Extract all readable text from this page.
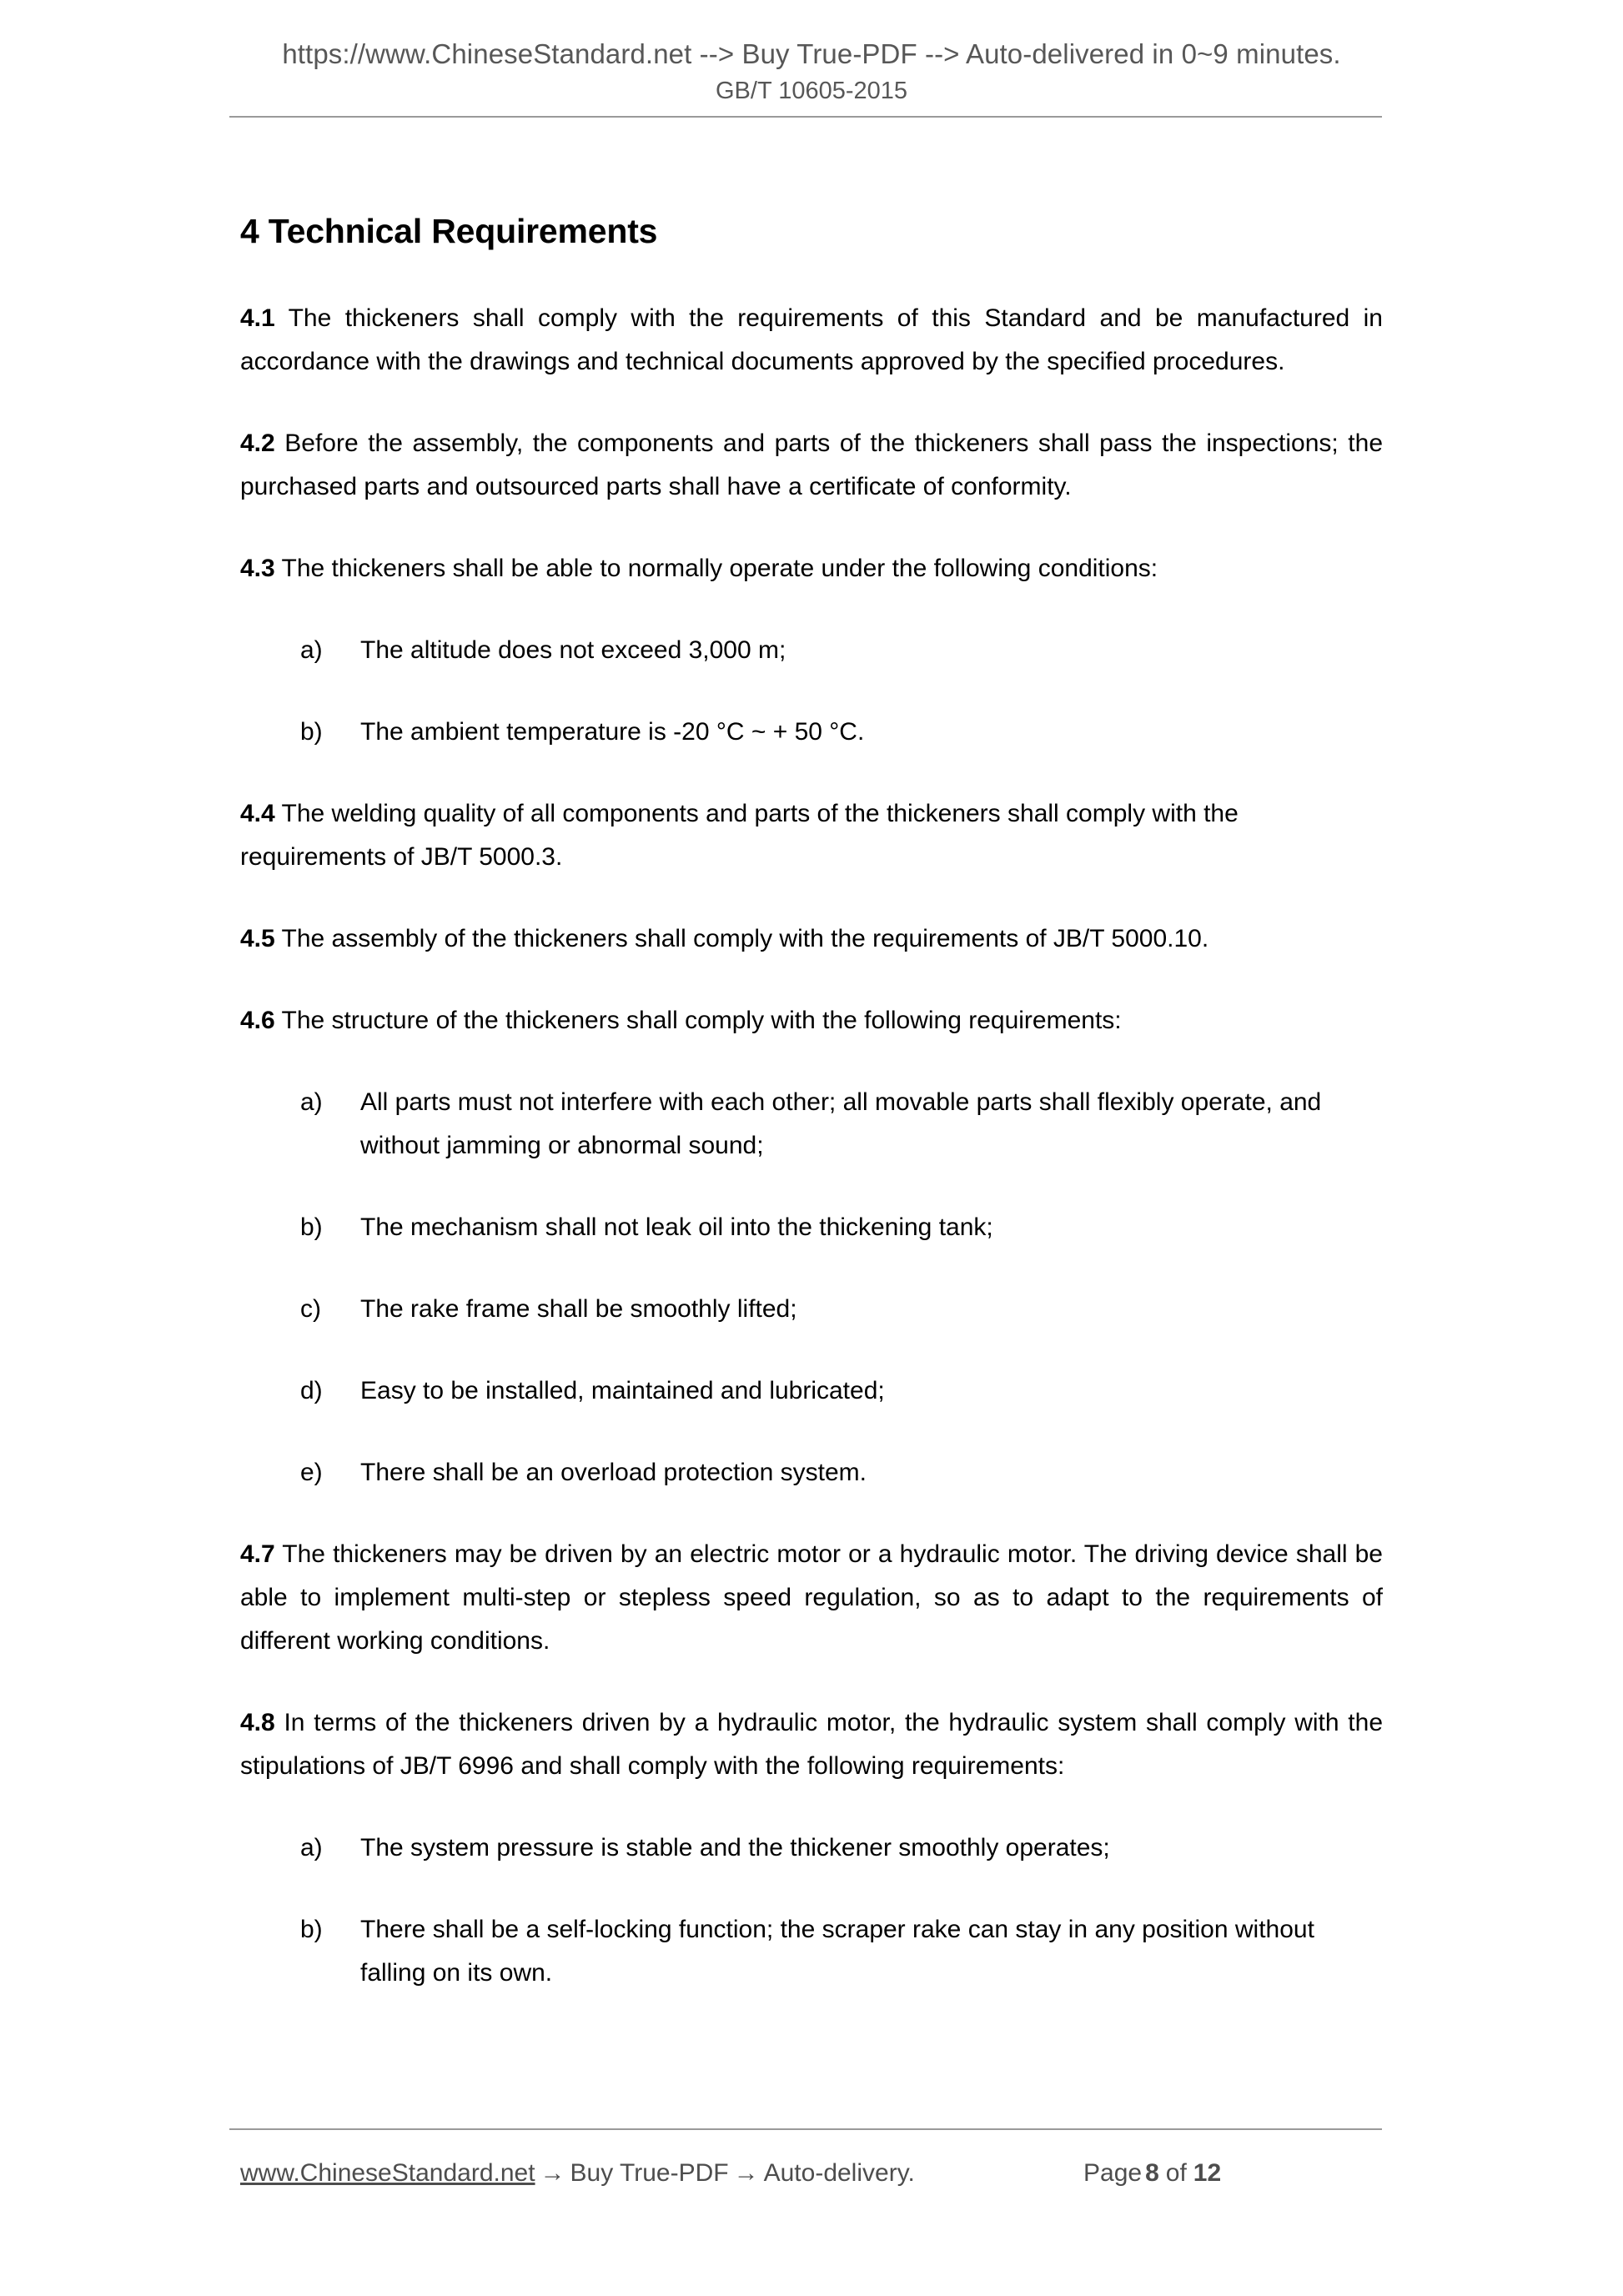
https://www.ChineseStandard.net --> Buy True-PDF --> Auto-delivered in 0~9 minutes.
GB/T 10605-2015
4 Technical Requirements

4.1 The thickeners shall comply with the requirements of this Standard and be manufactured in accordance with the drawings and technical documents approved by the specified procedures.

4.2 Before the assembly, the components and parts of the thickeners shall pass the inspections; the purchased parts and outsourced parts shall have a certificate of conformity.

4.3 The thickeners shall be able to normally operate under the following conditions:

a)	The altitude does not exceed 3,000 m;
b)	The ambient temperature is -20 °C ~ + 50 °C.

4.4 The welding quality of all components and parts of the thickeners shall comply with the requirements of JB/T 5000.3.

4.5 The assembly of the thickeners shall comply with the requirements of JB/T 5000.10.

4.6 The structure of the thickeners shall comply with the following requirements:

a)	All parts must not interfere with each other; all movable parts shall flexibly operate, and without jamming or abnormal sound;
b)	The mechanism shall not leak oil into the thickening tank;
c)	The rake frame shall be smoothly lifted;
d)	Easy to be installed, maintained and lubricated;
e)	There shall be an overload protection system.

4.7 The thickeners may be driven by an electric motor or a hydraulic motor. The driving device shall be able to implement multi-step or stepless speed regulation, so as to adapt to the requirements of different working conditions.

4.8 In terms of the thickeners driven by a hydraulic motor, the hydraulic system shall comply with the stipulations of JB/T 6996 and shall comply with the following requirements:

a)	The system pressure is stable and the thickener smoothly operates;
b)	There shall be a self-locking function; the scraper rake can stay in any position without falling on its own.
www.ChineseStandard.net → Buy True-PDF → Auto-delivery.	Page 8 of 12
